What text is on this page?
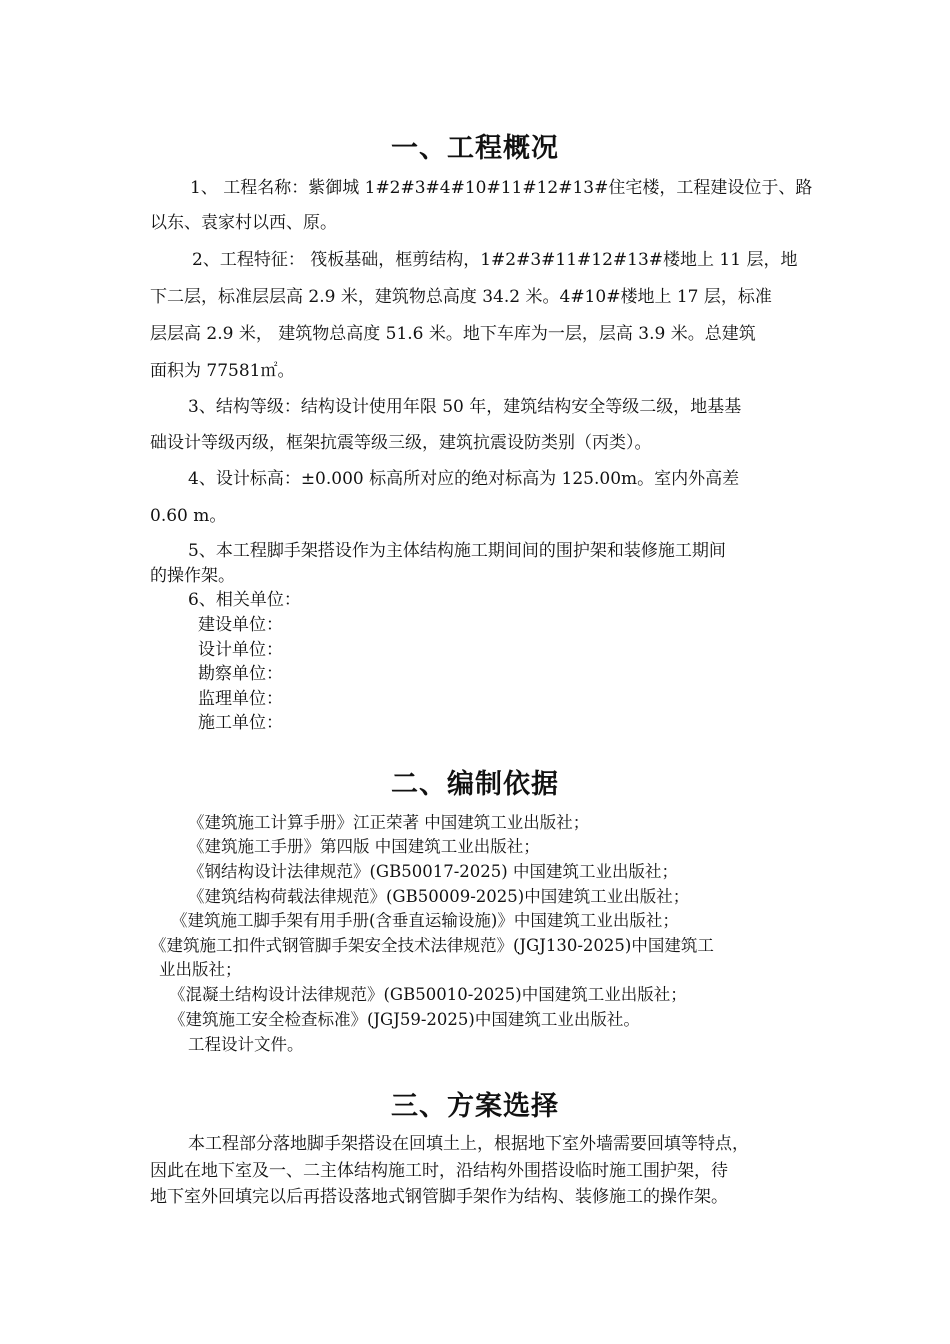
一、工程概况
1、 工程名称：紫御城 1#2#3#4#10#11#12#13#住宅楼，工程建设位于、路
以东、袁家村以西、原。
2、工程特征： 筏板基础，框剪结构，1#2#3#11#12#13#楼地上 11 层，地
下二层，标准层层高 2.9 米，建筑物总高度 34.2 米。4#10#楼地上 17 层，标准
层层高 2.9 米， 建筑物总高度 51.6 米。地下车库为一层，层高 3.9 米。总建筑
面积为 77581㎡。
3、结构等级：结构设计使用年限 50 年，建筑结构安全等级二级，地基基
础设计等级丙级，框架抗震等级三级，建筑抗震设防类别（丙类）。
4、设计标高：±0.000 标高所对应的绝对标高为 125.00m。室内外高差
0.60 m。
5、本工程脚手架搭设作为主体结构施工期间间的围护架和装修施工期间
的操作架。
6、相关单位：
建设单位：
设计单位：
勘察单位：
监理单位：
施工单位：
二、编制依据
《建筑施工计算手册》江正荣著 中国建筑工业出版社；
《建筑施工手册》第四版 中国建筑工业出版社；
《钢结构设计法律规范》(GB50017-2025) 中国建筑工业出版社；
《建筑结构荷载法律规范》(GB50009-2025)中国建筑工业出版社；
《建筑施工脚手架有用手册(含垂直运输设施)》中国建筑工业出版社；
《建筑施工扣件式钢管脚手架安全技术法律规范》(JGJ130-2025)中国建筑工
业出版社；
《混凝土结构设计法律规范》(GB50010-2025)中国建筑工业出版社；
《建筑施工安全检查标准》(JGJ59-2025)中国建筑工业出版社。
工程设计文件。
三、方案选择
本工程部分落地脚手架搭设在回填土上，根据地下室外墙需要回填等特点，
因此在地下室及一、二主体结构施工时，沿结构外围搭设临时施工围护架，待
地下室外回填完以后再搭设落地式钢管脚手架作为结构、装修施工的操作架。
